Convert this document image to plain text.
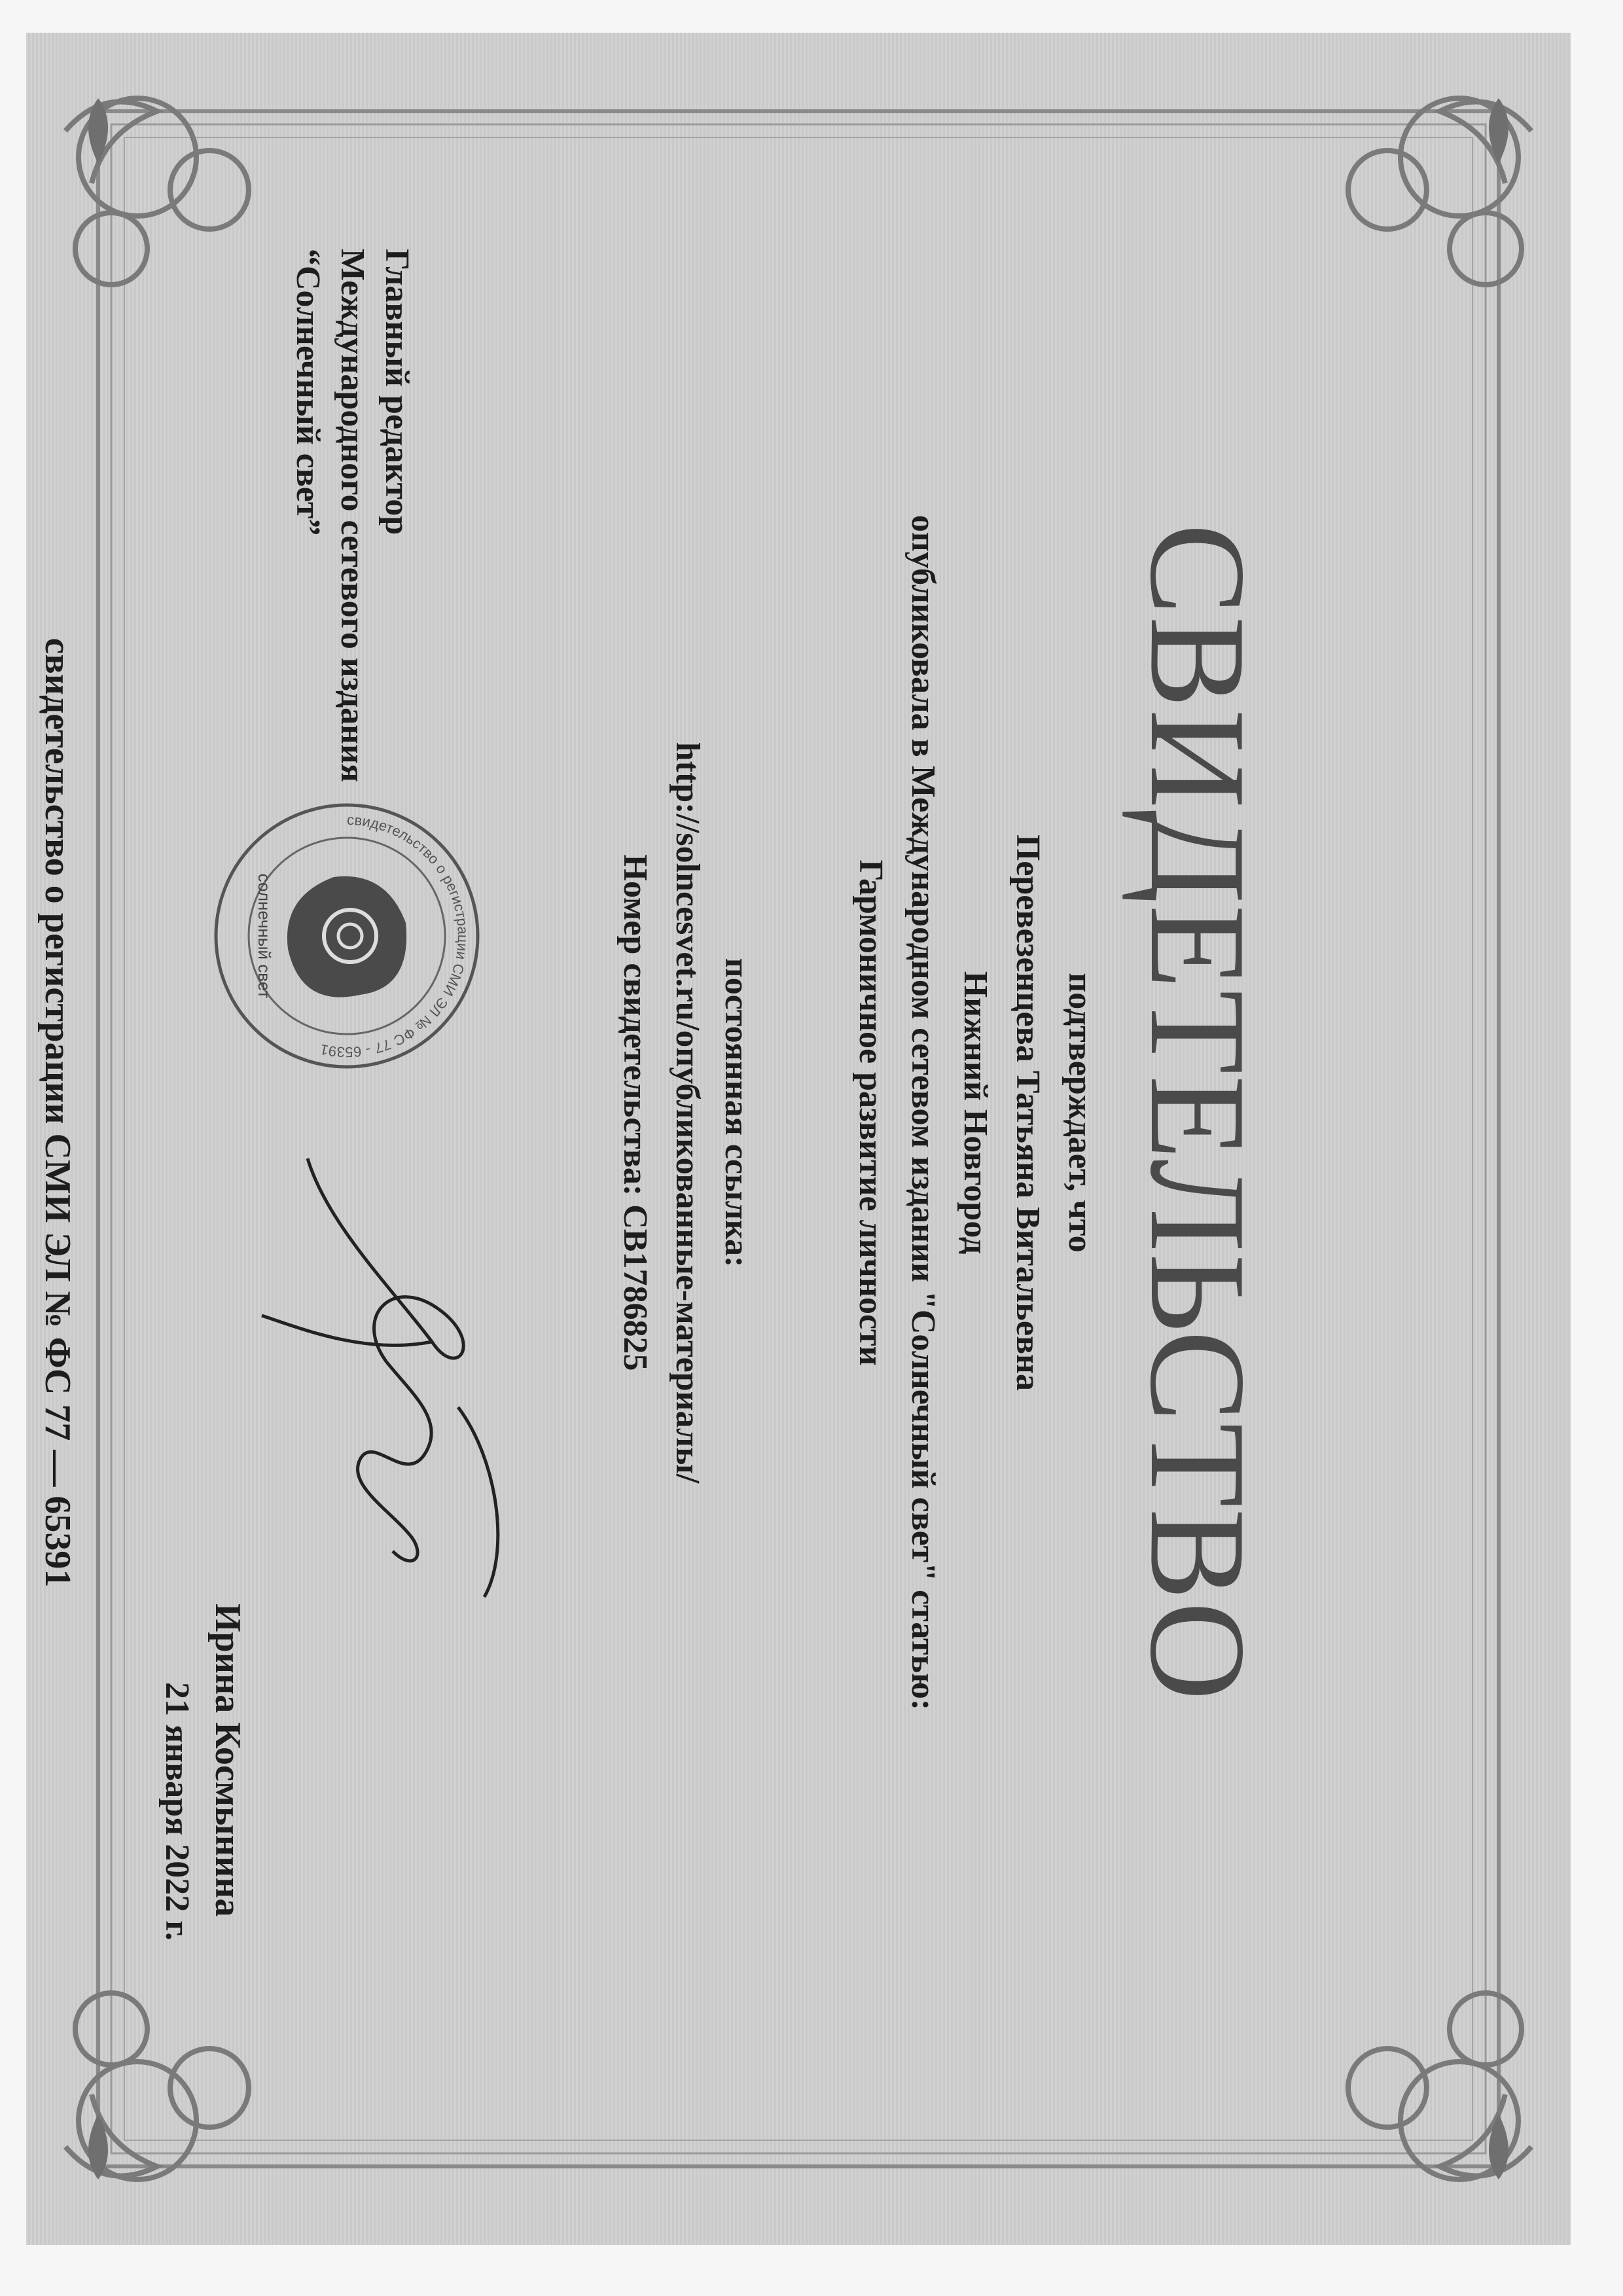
СВИДЕТЕЛЬСТВО
подтверждает, что
Перевезенцева Татьяна Витальевна
Нижний Новгород
опубликовала в Международном сетевом издании "Солнечный свет" статью:
Гармоничное развитие личности
постоянная ссылка:
http://solncesvet.ru/опубликованные-материалы/
Номер свидетельства: СВ1786825
Главный редактор
Международного сетевого издания
“Солнечный свет”
свидетельство о регистрации СМИ ЭЛ № ФС 77 - 65391
солнечный свет
Ирина Космынина
21 января 2022 г.
свидетельство о регистрации СМИ ЭЛ № ФС 77 — 65391
